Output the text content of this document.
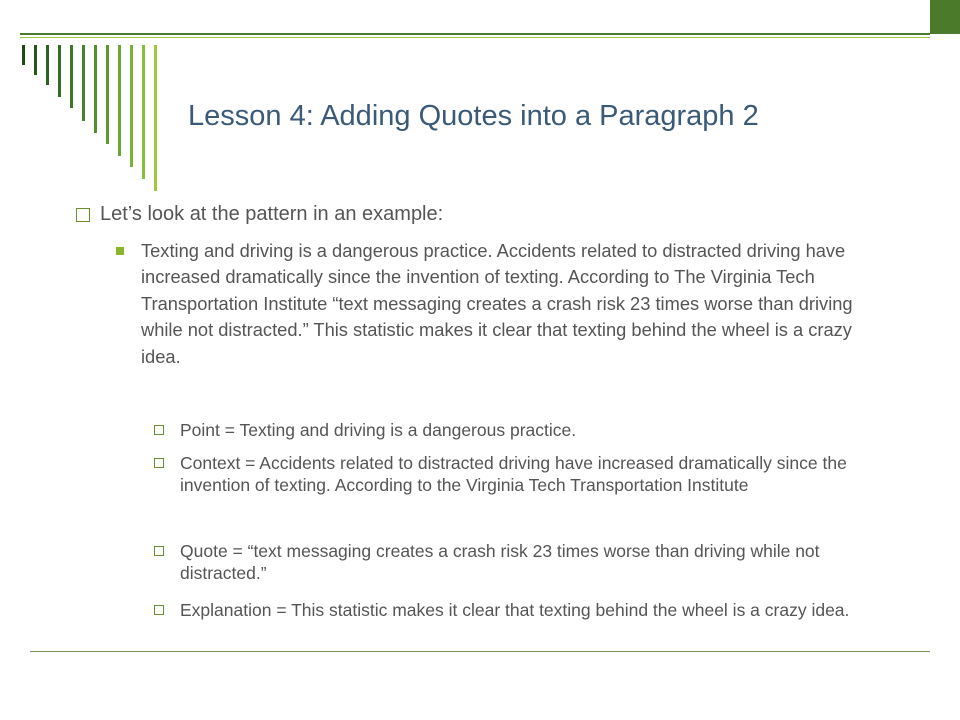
Lesson 4: Adding Quotes into a Paragraph 2
Let’s look at the pattern in an example:
Texting and driving is a dangerous practice. Accidents related to distracted driving have increased dramatically since the invention of texting. According to The Virginia Tech Transportation Institute “text messaging creates a crash risk 23 times worse than driving while not distracted.” This statistic makes it clear that texting behind the wheel is a crazy idea.
Point = Texting and driving is a dangerous practice.
Context = Accidents related to distracted driving have increased dramatically since the invention of texting. According to the Virginia Tech Transportation Institute
Quote = “text messaging creates a crash risk 23 times worse than driving while not distracted.”
Explanation = This statistic makes it clear that texting behind the wheel is a crazy idea.
